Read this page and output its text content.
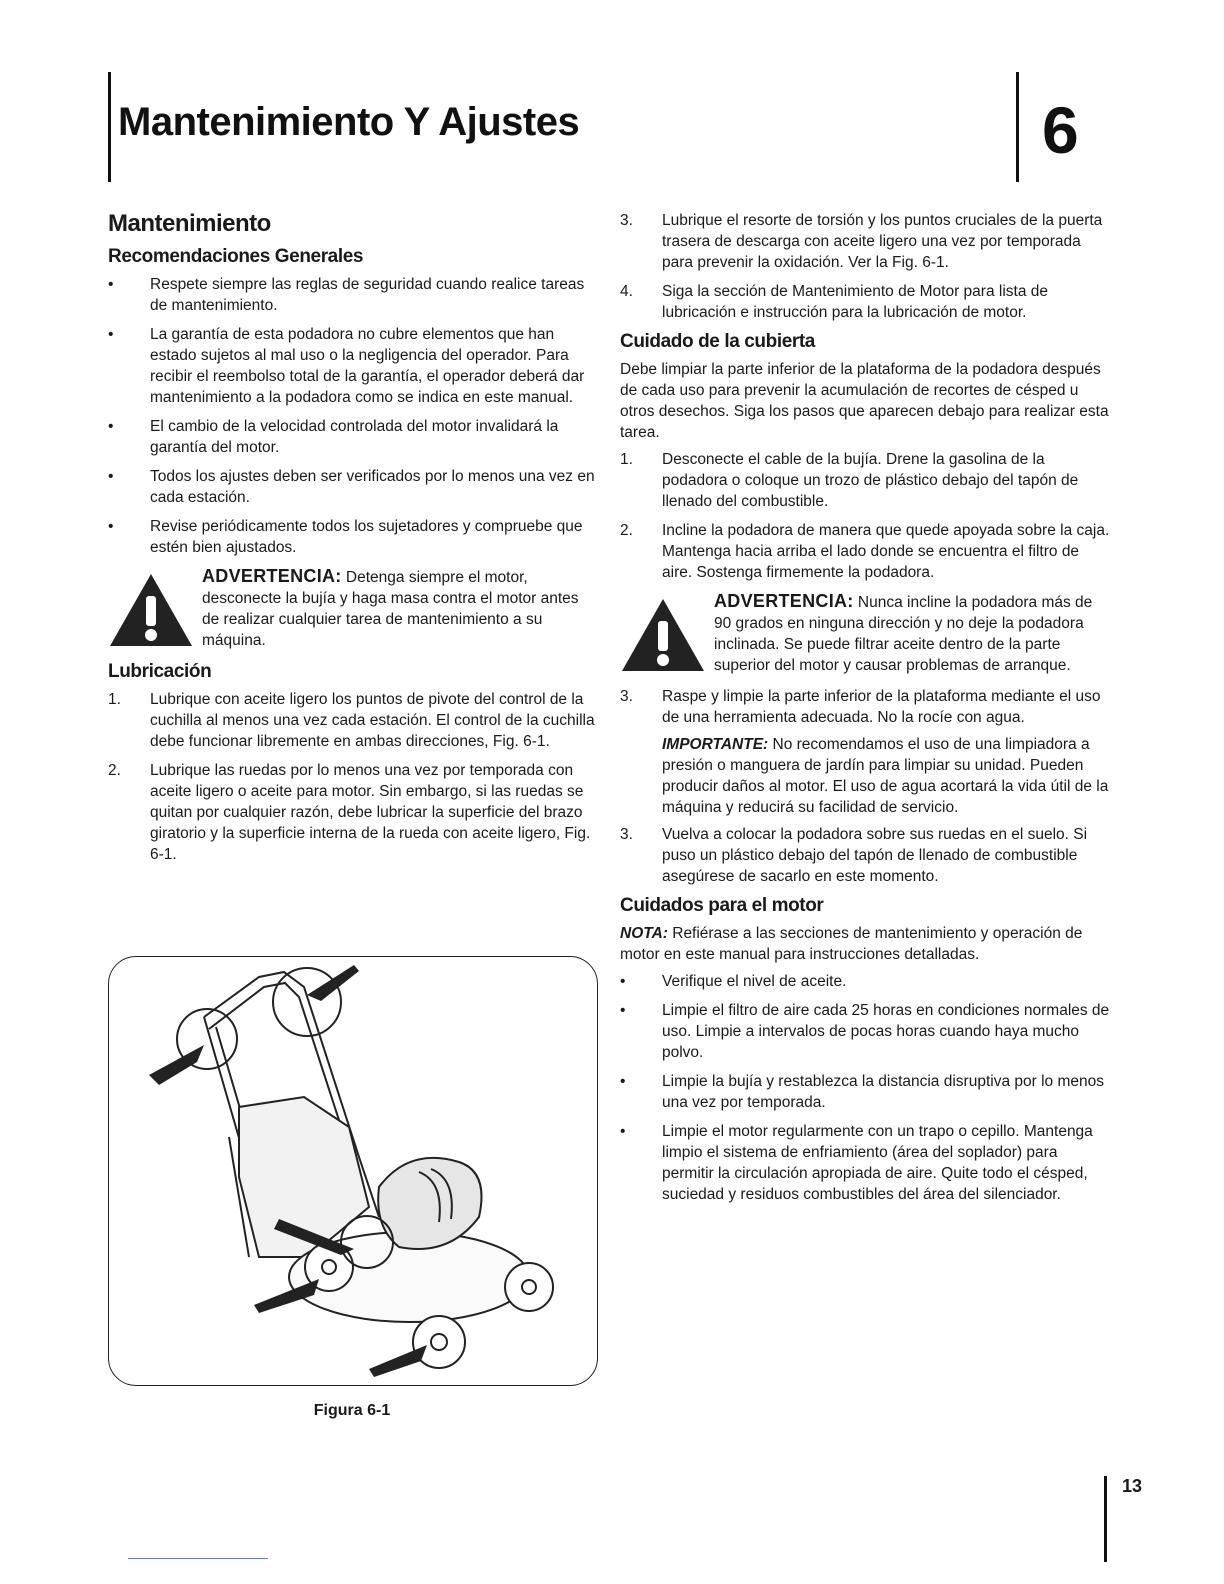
Mantenimiento Y Ajustes	6
Mantenimiento
Recomendaciones Generales
•	Respete siempre las reglas de seguridad cuando realice tareas de mantenimiento.
•	La garantía de esta podadora no cubre elementos que han estado sujetos al mal uso o la negligencia del operador. Para recibir el reembolso total de la garantía, el operador deberá dar mantenimiento a la podadora como se indica en este manual.
•	El cambio de la velocidad controlada del motor invalidará la garantía del motor.
•	Todos los ajustes deben ser verificados por lo menos una vez en cada estación.
•	Revise periódicamente todos los sujetadores y compruebe que estén bien ajustados.

ADVERTENCIA: Detenga siempre el motor, desconecte la bujía y haga masa contra el motor antes de realizar cualquier tarea de mantenimiento a su máquina.

Lubricación
1.	Lubrique con aceite ligero los puntos de pivote del control de la cuchilla al menos una vez cada estación. El control de la cuchilla debe funcionar libremente en ambas direcciones, Fig. 6-1.
2.	Lubrique las ruedas por lo menos una vez por temporada con aceite ligero o aceite para motor. Sin embargo, si las ruedas se quitan por cualquier razón, debe lubricar la superficie del brazo giratorio y la superficie interna de la rueda con aceite ligero, Fig. 6-1.
Figura 6-1
3.	Lubrique el resorte de torsión y los puntos cruciales de la puerta trasera de descarga con aceite ligero una vez por temporada para prevenir la oxidación. Ver la Fig. 6-1.
4.	Siga la sección de Mantenimiento de Motor para lista de lubricación e instrucción para la lubricación de motor.
Cuidado de la cubierta

Debe limpiar la parte inferior de la plataforma de la podadora después de cada uso para prevenir la acumulación de recortes de césped u otros desechos. Siga los pasos que aparecen debajo para realizar esta tarea.

1.	Desconecte el cable de la bujía. Drene la gasolina de la podadora o coloque un trozo de plástico debajo del tapón de llenado del combustible.
2.	Incline la podadora de manera que quede apoyada sobre la caja. Mantenga hacia arriba el lado donde se encuentra el filtro de aire. Sostenga firmemente la podadora.

ADVERTENCIA: Nunca incline la podadora más de 90 grados en ninguna dirección y no deje la podadora inclinada. Se puede filtrar aceite dentro de la parte superior del motor y causar problemas de arranque.

3.	Raspe y limpie la parte inferior de la plataforma mediante el uso de una herramienta adecuada. No la rocíe con agua.

IMPORTANTE: No recomendamos el uso de una limpiadora a presión o manguera de jardín para limpiar su unidad. Pueden producir daños al motor. El uso de agua acortará la vida útil de la máquina y reducirá su facilidad de servicio.

3.	Vuelva a colocar la podadora sobre sus ruedas en el suelo. Si puso un plástico debajo del tapón de llenado de combustible asegúrese de sacarlo en este momento.
Cuidados para el motor

NOTA: Refiérase a las secciones de mantenimiento y operación de motor en este manual para instrucciones detalladas.

•	Verifique el nivel de aceite.
•	Limpie el filtro de aire cada 25 horas en condiciones normales de uso. Limpie a intervalos de pocas horas cuando haya mucho polvo.
•	Limpie la bujía y restablezca la distancia disruptiva por lo menos una vez por temporada.
•	Limpie el motor regularmente con un trapo o cepillo. Mantenga limpio el sistema de enfriamiento (área del soplador) para permitir la circulación apropiada de aire. Quite todo el césped, suciedad y residuos combustibles del área del silenciador.
13
